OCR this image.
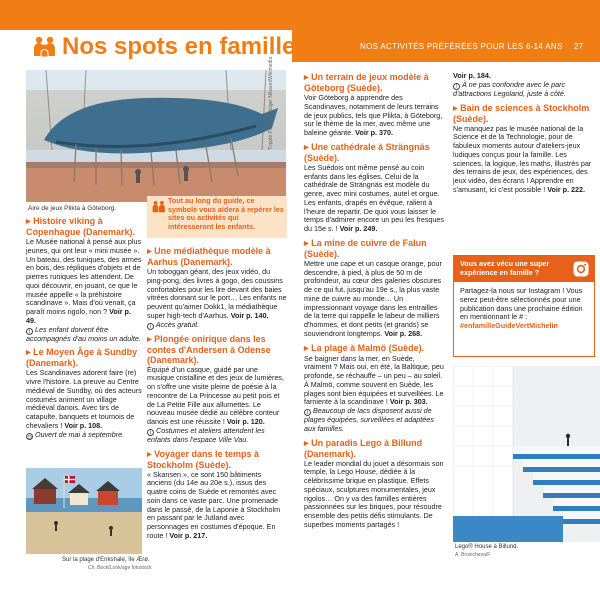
Nos spots en famille	NOS ACTIVITÉS PRÉFÉRÉES POUR LES 6-14 ANS 27
Tripple Pirelahn Holger Nilsson/Wikimedia
Aire de jeux Plikta à Göteborg.
Tout au long du guide, ce symbole vous aidera à repérer les sites ou activités qui intéresseront les enfants.

▶ Histoire viking à Copenhague (Danemark).
Le Musée national à pensé aux plus jeunes, qui ont leur « mini musée ». Un bateau, des tuniques, des armes en bois, des répliques d'objets et de pierres runiques les attendent. De quoi découvrir, en jouant, ce que le musée appelle « la préhistoire scandinave ». Mais d'où venait, ça paraît moins rigolo, non ? Voir p. 49.
i Les enfant doivent être accompagnés d'au moins un adulte.

▶ Le Moyen Âge à Sundby (Danemark).
Les Scandinaves adorent faire (re) vivre l'histoire. La preuve au Centre médiéval de Sundby, où des acteurs costumés animent un village médiéval danois. Avec tirs de catapulte, banquets et tournois de chevaliers ! Voir p. 108.
◷ Ouvert de mai à septembre.

Sur la plage d'Enkshale, île Ærø.
Ch. Bock/Look/age fotostock

▶ Une médiathèque modèle à Aarhus (Danemark).
Un toboggan géant, des jeux vidéo, du ping-pong, des livres à gogo, des coussins confortables pour les lire devant des baies vitrées donnant sur le port… Les enfants ne peuvent qu'aimer Dokk1, la médiathèque super high-tech d'Aarhus. Voir p. 140.
i Accès gratuit.

▶ Plongée onirique dans les contes d'Andersen à Odense (Danemark).
Équipé d'un casque, guidé par une musique cristalline et des jeux de lumières, on s'offre une visite pleine de poésie à la rencontre de La Princesse au petit pois et de La Petite Fille aux allumettes. Le nouveau musée dédié au célèbre conteur danois est une réussite ! Voir p. 120.
i Costumes et ateliers attendent les enfants dans l'espace Ville Vau.

▶ Voyager dans le temps à Stockholm (Suède).
« Skansen », ce sont 150 bâtiments anciens (du 14e au 20e s.), issus des quatre coins de Suède et remontés avec soin dans ce vaste parc. Une promenade dans le passé, de la Laponie à Stockholm en passant par le Jutland avec personnages en costumes d'époque. En route ! Voir p. 217.

▶ Un terrain de jeux modèle à Göteborg (Suède).
Voir Göteborg à apprendre des Scandinaves, notamment de leurs terrains de jeux publics, tels que Plikta, à Göteborg, sur le thème de la mer, avec même une baleine géante. Voir p. 370.

▶ Une cathédrale à Strängnäs (Suède).
Les Suédois ont même pensé au coin enfants dans les églises. Celui de la cathédrale de Strängnäs est modèle du genre, avec mini costumes, autel et orgue. Les enfants, drapés en évêque, ralient à l'heure de repartir. De quoi vous laisser le temps d'admirer encore un peu les fresques du 15e s. ! Voir p. 249.

▶ La mine de cuivre de Falun (Suède).
Mettre une cape et un casque orange, pour descendre, à pied, à plus de 50 m de profondeur, au cœur des galeries obscures de ce qui fut, jusqu'au 19e s., la plus vaste mine de cuivre au monde… Un impressionnant voyage dans les entrailles de la terre qui rappelle le labeur de milliers d'hommes, et dont petits (et grands) se souviendront longtemps. Voir p. 268.

▶ La plage à Malmö (Suède).
Se baigner dans la mer, en Suède, vraiment ? Mais oui, en été, la Baltique, peu profonde, se réchauffe – un peu – au soleil. À Malmö, comme souvent en Suède, les plages sont bien équipées et surveillées. Le farniente à la scandinave ! Voir p. 303.
i Beaucoup de lacs disposent aussi de plages équipées, surveillées et adaptées aux familles.

▶ Un paradis Lego à Billund (Danemark).
Le leader mondial du jouet a désormais son temple, la Lego House, dédiée à la célébrissime brique en plastique. Effets spéciaux, sculptures monumentales, jeux rigolos… On y va des familles entières passionnées sur les briques, pour résoudre ensemble des petits défis stimulants. De superbes moments partagés !

Voir p. 184.
! À ne pas confondre avec le parc d'attractions Legoland, juste à côté.

▶ Bain de sciences à Stockholm (Suède).
Ne manquez pas le musée national de la Science et de la Technologie, pour de fabuleux moments autour d'ateliers-jeux ludiques conçus pour la famille. Les sciences, la logique, les maths, illustrés par des terrains de jeux, des expériences, des jeux vidéo, des écrans ! Apprendre en s'amusant, ici c'est possible ! Voir p. 222.

Vous avez vécu une super expérience en famille ?
Partagez-la nous sur Instagram ! Vous serez peut-être sélectionnés pour une publication dans une prochaine édition en mentionnant le # : #enfamilleGuideVertMichelin
Lego® House à Billund.
A. Bruvicheva/F
